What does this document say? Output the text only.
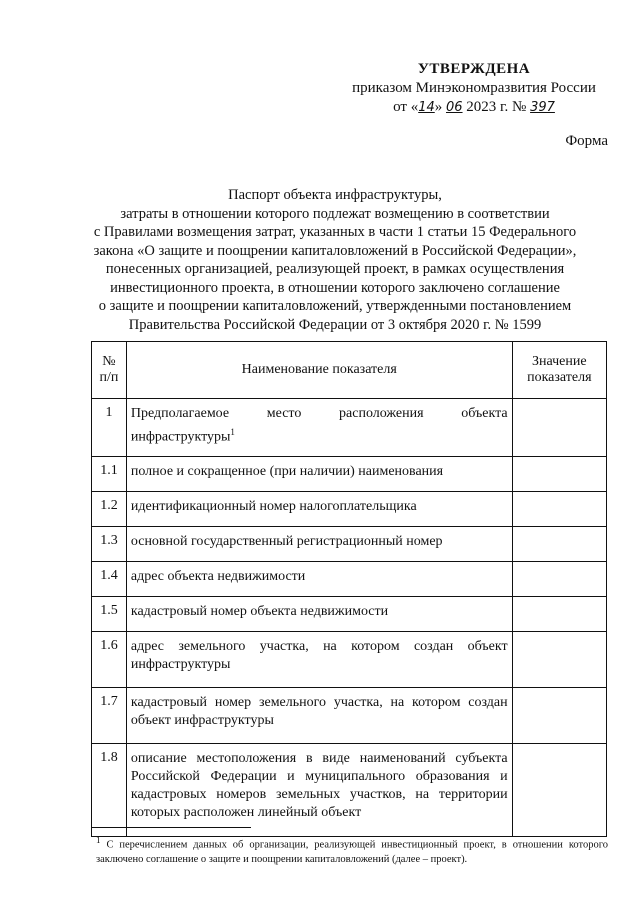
УТВЕРЖДЕНА
приказом Минэкономразвития России
от «14» 06 2023 г. № 397
Форма
Паспорт объекта инфраструктуры,
затраты в отношении которого подлежат возмещению в соответствии
с Правилами возмещения затрат, указанных в части 1 статьи 15 Федерального
закона «О защите и поощрении капиталовложений в Российской Федерации»,
понесенных организацией, реализующей проект, в рамках осуществления
инвестиционного проекта, в отношении которого заключено соглашение
о защите и поощрении капиталовложений, утвержденными постановлением
Правительства Российской Федерации от 3 октября 2020 г. № 1599
№ п/п	Наименование показателя	Значение показателя
1	Предполагаемое место расположения объекта инфраструктуры$^1$	
1.1	полное и сокращенное (при наличии) наименования	
1.2	идентификационный номер налогоплательщика	
1.3	основной государственный регистрационный номер	
1.4	адрес объекта недвижимости	
1.5	кадастровый номер объекта недвижимости	
1.6	адрес земельного участка, на котором создан объект инфраструктуры	
1.7	кадастровый номер земельного участка, на котором создан объект инфраструктуры	
1.8	описание местоположения в виде наименований субъекта Российской Федерации и муниципального образования и кадастровых номеров земельных участков, на территории которых расположен линейный объект	
$^1$ С перечислением данных об организации, реализующей инвестиционный проект, в отношении которого заключено соглашение о защите и поощрении капиталовложений (далее – проект).
